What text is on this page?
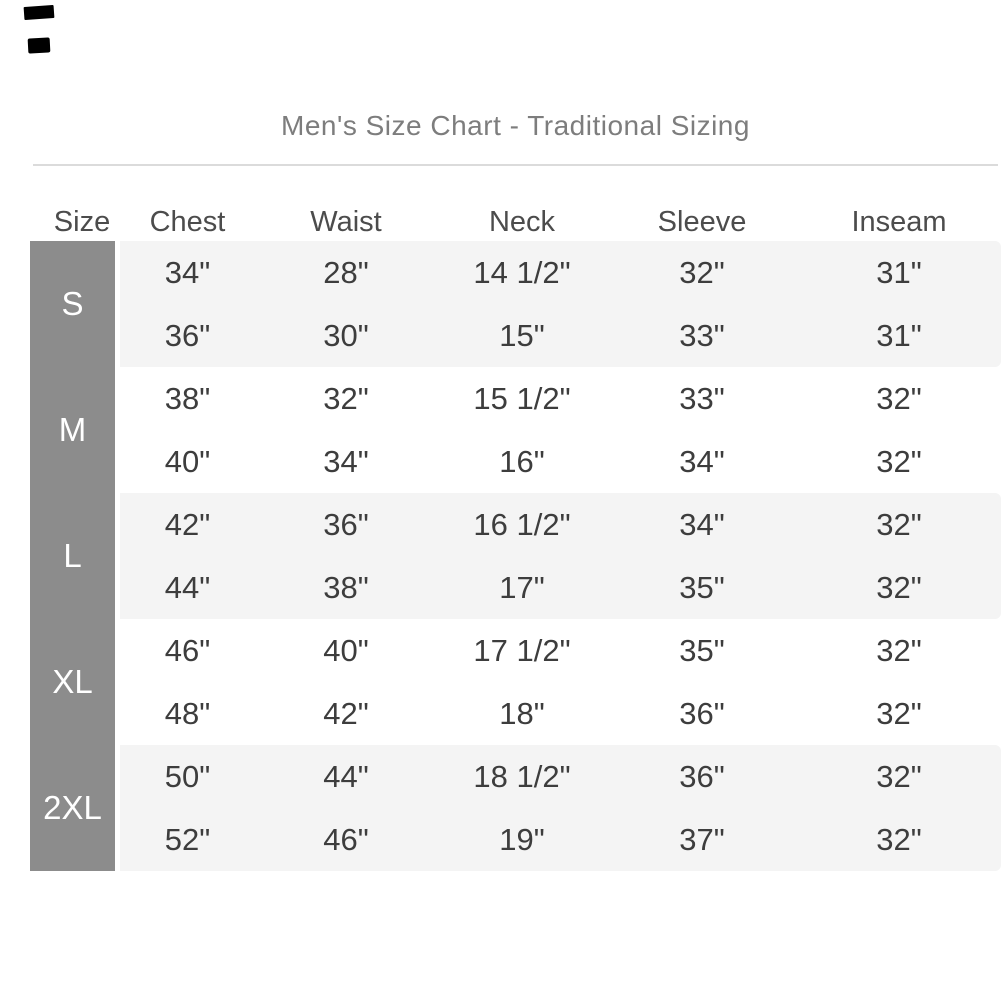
Men's Size Chart - Traditional Sizing
Size	Chest	Waist	Neck	Sleeve	Inseam
S
34"	28"	14 1/2"	32"	31"
36"	30"	15"	33"	31"
M
38"	32"	15 1/2"	33"	32"
40"	34"	16"	34"	32"
L
42"	36"	16 1/2"	34"	32"
44"	38"	17"	35"	32"
XL
46"	40"	17 1/2"	35"	32"
48"	42"	18"	36"	32"
2XL
50"	44"	18 1/2"	36"	32"
52"	46"	19"	37"	32"
